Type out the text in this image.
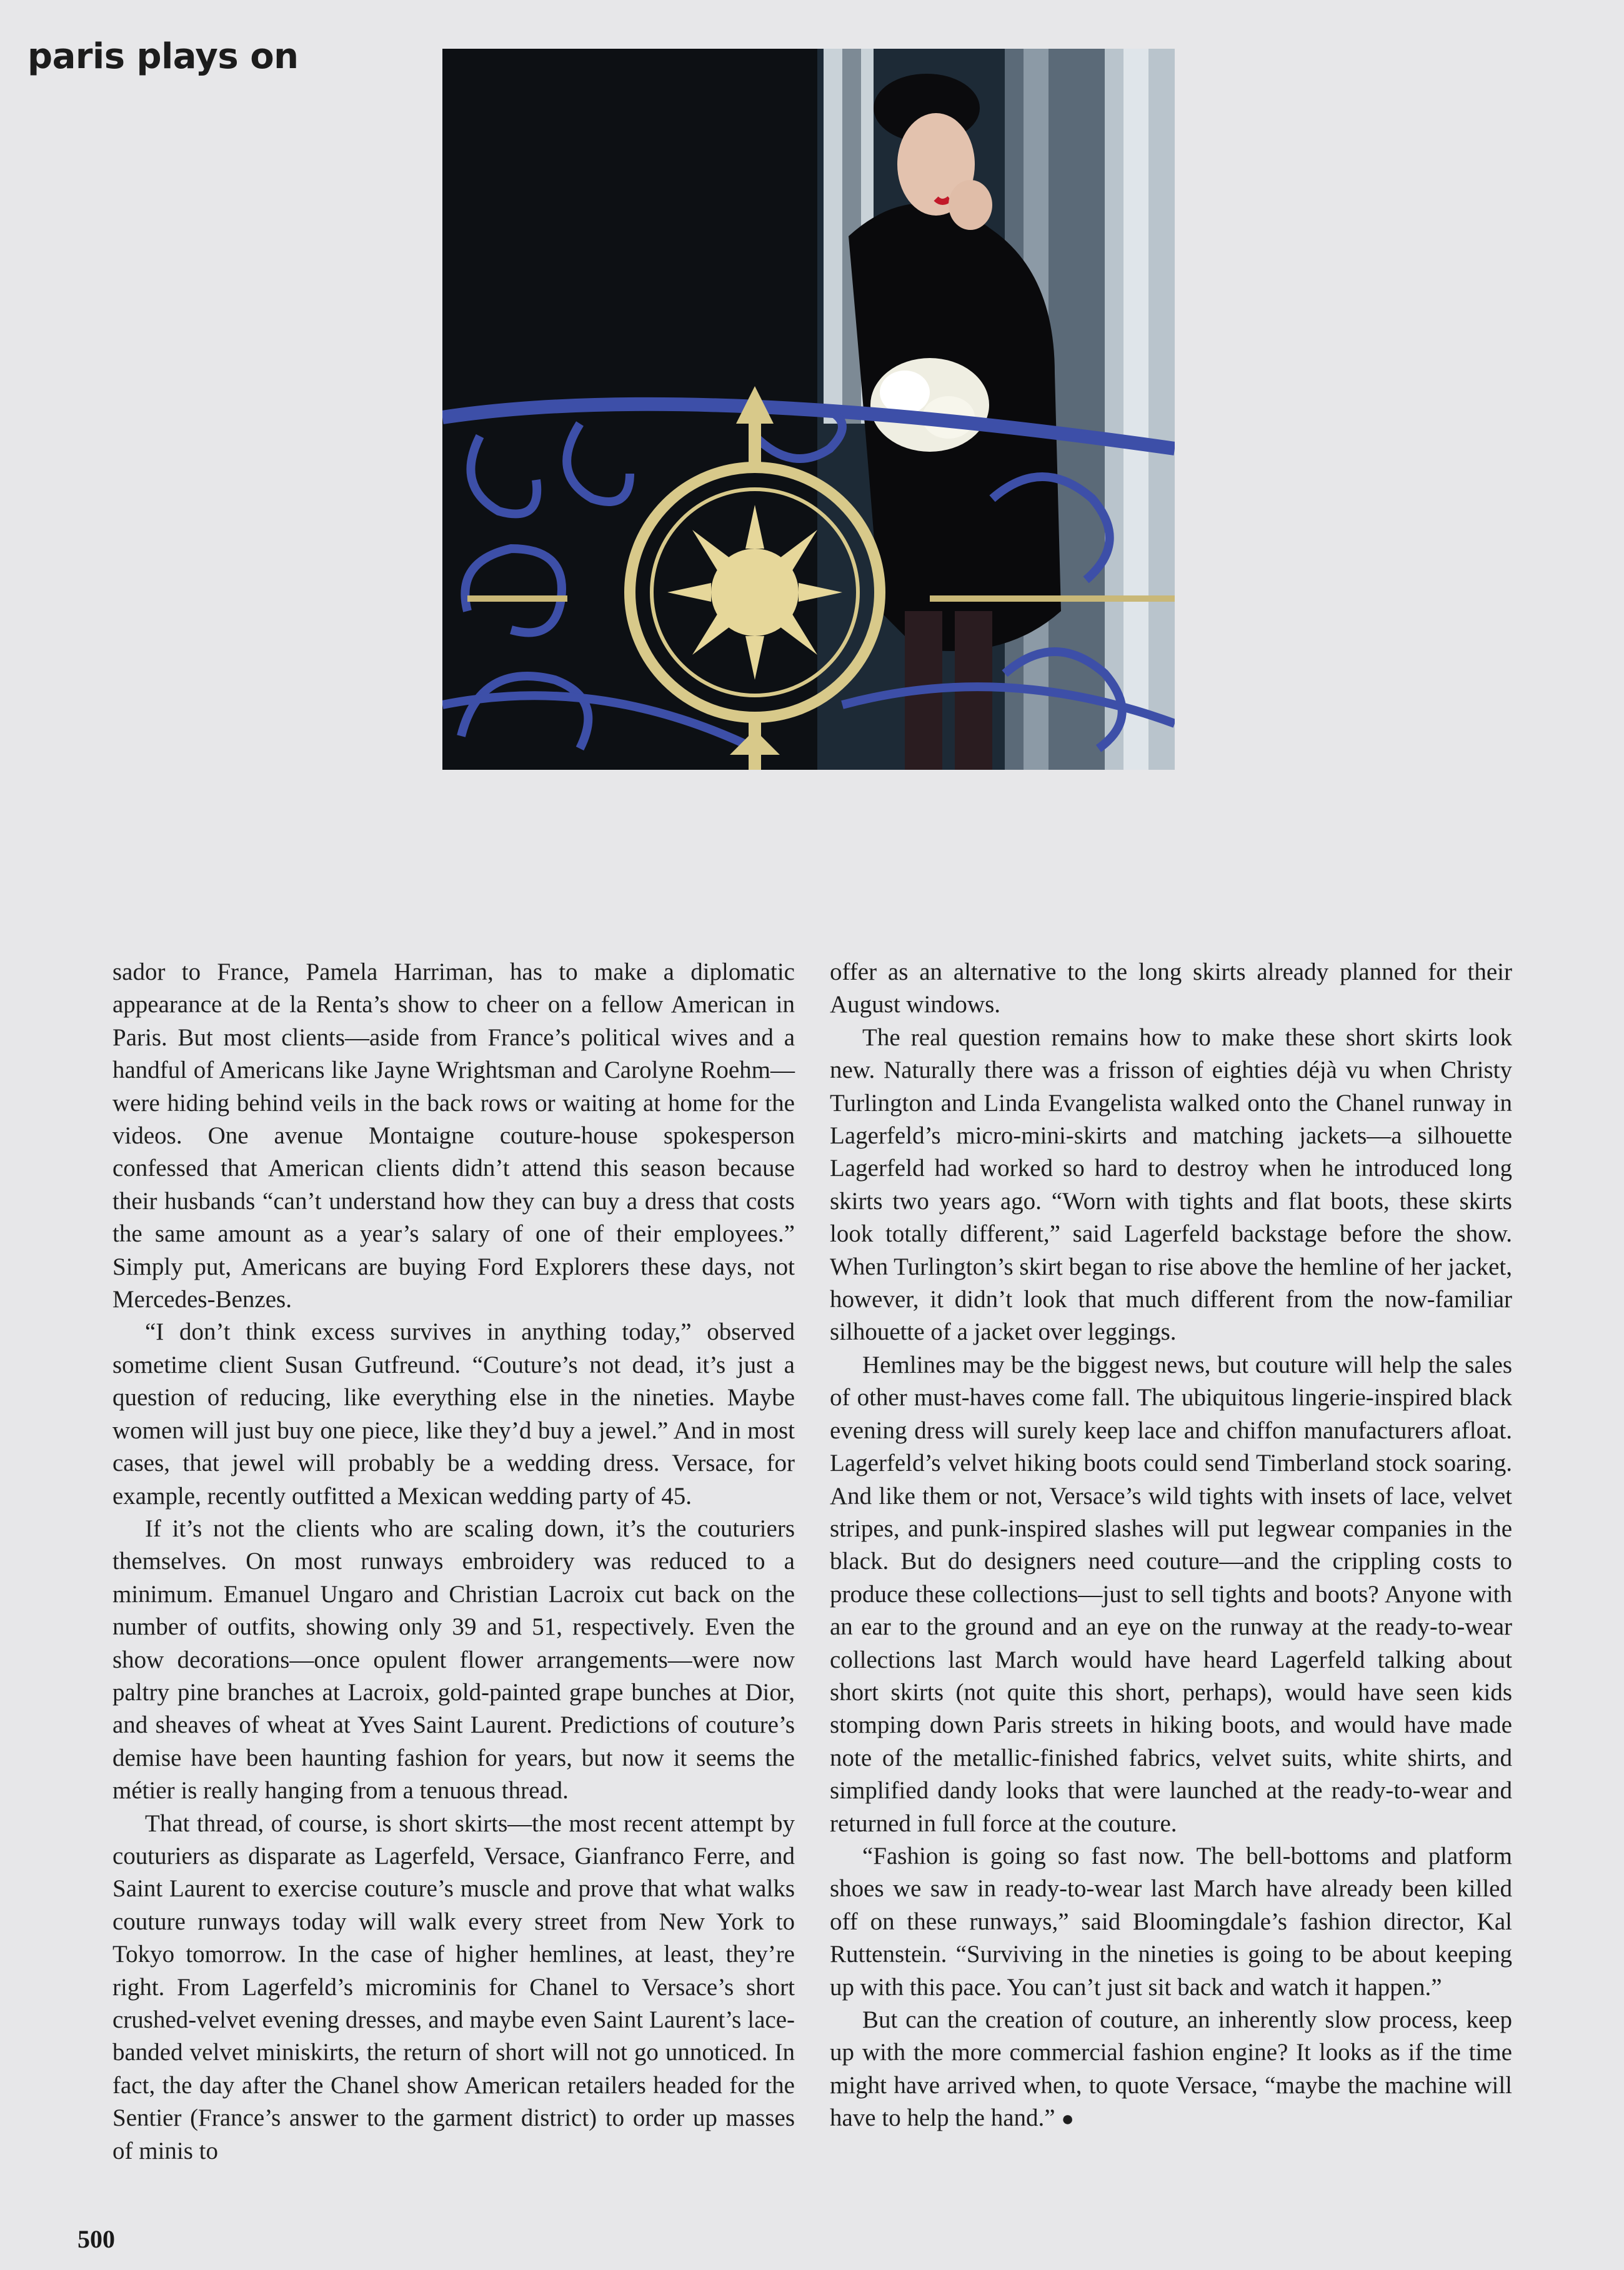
paris plays on

sador to France, Pamela Harriman, has to make a diplomatic appearance at de la Renta’s show to cheer on a fellow American in Paris. But most clients—aside from France’s political wives and a handful of Americans like Jayne Wrightsman and Carolyne Roehm—were hiding behind veils in the back rows or waiting at home for the videos. One avenue Montaigne couture-house spokesperson confessed that American clients didn’t attend this season because their husbands “can’t understand how they can buy a dress that costs the same amount as a year’s salary of one of their employees.” Simply put, Americans are buying Ford Explorers these days, not Mercedes-Benzes.

“I don’t think excess survives in anything today,” observed sometime client Susan Gutfreund. “Couture’s not dead, it’s just a question of reducing, like everything else in the nineties. Maybe women will just buy one piece, like they’d buy a jewel.” And in most cases, that jewel will probably be a wedding dress. Versace, for example, recently outfitted a Mexican wedding party of 45.

If it’s not the clients who are scaling down, it’s the couturiers themselves. On most runways embroidery was reduced to a minimum. Emanuel Ungaro and Christian Lacroix cut back on the number of outfits, showing only 39 and 51, respectively. Even the show decorations—once opulent flower arrangements—were now paltry pine branches at Lacroix, gold-painted grape bunches at Dior, and sheaves of wheat at Yves Saint Laurent. Predictions of couture’s demise have been haunting fashion for years, but now it seems the métier is really hanging from a tenuous thread.

That thread, of course, is short skirts—the most recent attempt by couturiers as disparate as Lagerfeld, Versace, Gianfranco Ferre, and Saint Laurent to exercise couture’s muscle and prove that what walks couture runways today will walk every street from New York to Tokyo tomorrow. In the case of higher hemlines, at least, they’re right. From Lagerfeld’s microminis for Chanel to Versace’s short crushed-velvet evening dresses, and maybe even Saint Laurent’s lace-banded velvet miniskirts, the return of short will not go unnoticed. In fact, the day after the Chanel show American retailers headed for the Sentier (France’s answer to the garment district) to order up masses of minis to

offer as an alternative to the long skirts already planned for their August windows.

The real question remains how to make these short skirts look new. Naturally there was a frisson of eighties déjà vu when Christy Turlington and Linda Evangelista walked onto the Chanel runway in Lagerfeld’s micro-mini-skirts and matching jackets—a silhouette Lagerfeld had worked so hard to destroy when he introduced long skirts two years ago. “Worn with tights and flat boots, these skirts look totally different,” said Lagerfeld backstage before the show. When Turlington’s skirt began to rise above the hemline of her jacket, however, it didn’t look that much different from the now-familiar silhouette of a jacket over leggings.

Hemlines may be the biggest news, but couture will help the sales of other must-haves come fall. The ubiquitous lingerie-inspired black evening dress will surely keep lace and chiffon manufacturers afloat. Lagerfeld’s velvet hiking boots could send Timberland stock soaring. And like them or not, Versace’s wild tights with insets of lace, velvet stripes, and punk-inspired slashes will put legwear companies in the black. But do designers need couture—and the crippling costs to produce these collections—just to sell tights and boots? Anyone with an ear to the ground and an eye on the runway at the ready-to-wear collections last March would have heard Lagerfeld talking about short skirts (not quite this short, perhaps), would have seen kids stomping down Paris streets in hiking boots, and would have made note of the metallic-finished fabrics, velvet suits, white shirts, and simplified dandy looks that were launched at the ready-to-wear and returned in full force at the couture.

“Fashion is going so fast now. The bell-bottoms and platform shoes we saw in ready-to-wear last March have already been killed off on these runways,” said Bloomingdale’s fashion director, Kal Ruttenstein. “Surviving in the nineties is going to be about keeping up with this pace. You can’t just sit back and watch it happen.”

But can the creation of couture, an inherently slow process, keep up with the more commercial fashion engine? It looks as if the time might have arrived when, to quote Versace, “maybe the machine will have to help the hand.” ●

500
